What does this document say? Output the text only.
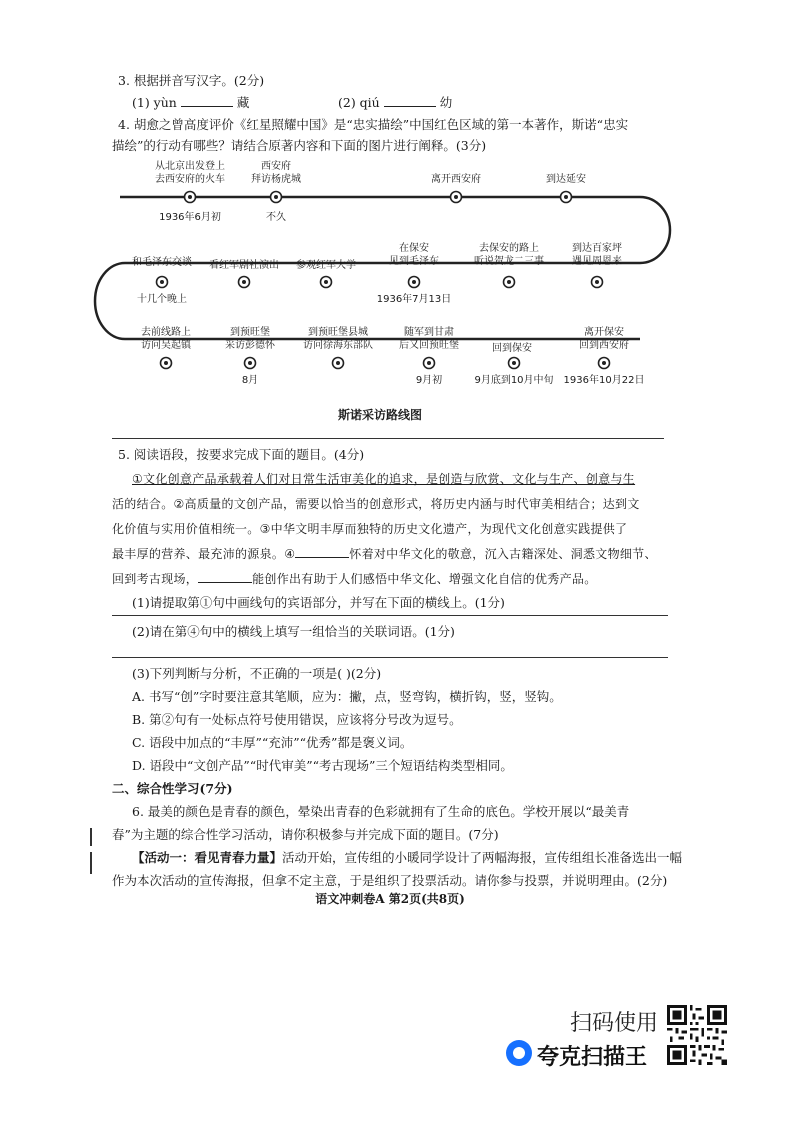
3. 根据拼音写汉字。(2分)
(1) yùn	藏	(2) qiú	幼
4. 胡愈之曾高度评价《红星照耀中国》是“忠实描绘”中国红色区域的第一本著作，斯诺“忠实
描绘”的行动有哪些？请结合原著内容和下面的图片进行阐释。(3分)
从北京出发登上
去西安府的火车
1936年6月初
西安府
拜访杨虎城
不久
离开西安府	到达延安
和毛泽东交谈
十几个晚上
看红军剧社演出 参观红军大学
在保安
见到毛泽东
1936年7月13日
去保安的路上
听说贺龙二三事
到达百家坪
遇见周恩来
去前线路上
访问吴起镇
到预旺堡
采访彭德怀
8月
到预旺堡县城
访问徐海东部队
随军到甘肃
后又回预旺堡
9月初
回到保安
9月底到10月中旬
离开保安
回到西安府
1936年10月22日
斯诺采访路线图
5. 阅读语段，按要求完成下面的题目。(4分)
①文化创意产品承载着人们对日常生活审美化的追求，是创造与欣赏、文化与生产、创意与生
活的结合。②高质量的文创产品，需要以恰当的创意形式，将历史内涵与时代审美相结合；达到文
化价值与实用价值相统一。③中华文明丰厚而独特的历史文化遗产，为现代文化创意实践提供了
最丰厚的营养、最充沛的源泉。④	怀着对中华文化的敬意，沉入古籍深处、洞悉文物细节、
回到考古现场，	能创作出有助于人们感悟中华文化、增强文化自信的优秀产品。
(1)请提取第①句中画线句的宾语部分，并写在下面的横线上。(1分)
(2)请在第④句中的横线上填写一组恰当的关联词语。(1分)
(3)下列判断与分析，不正确的一项是( )(2分)
A. 书写“创”字时要注意其笔顺，应为：撇，点，竖弯钩，横折钩，竖，竖钩。
B. 第②句有一处标点符号使用错误，应该将分号改为逗号。
C. 语段中加点的“丰厚”“充沛”“优秀”都是褒义词。
D. 语段中“文创产品”“时代审美”“考古现场”三个短语结构类型相同。
二、综合性学习(7分)
6. 最美的颜色是青春的颜色，晕染出青春的色彩就拥有了生命的底色。学校开展以“最美青
春”为主题的综合性学习活动，请你积极参与并完成下面的题目。(7分)
【活动一：看见青春力量】活动开始，宣传组的小暖同学设计了两幅海报，宣传组组长准备选出一幅
作为本次活动的宣传海报，但拿不定主意，于是组织了投票活动。请你参与投票，并说明理由。(2分)
语文冲刺卷A 第2页(共8页)
扫码使用
夸克扫描王
